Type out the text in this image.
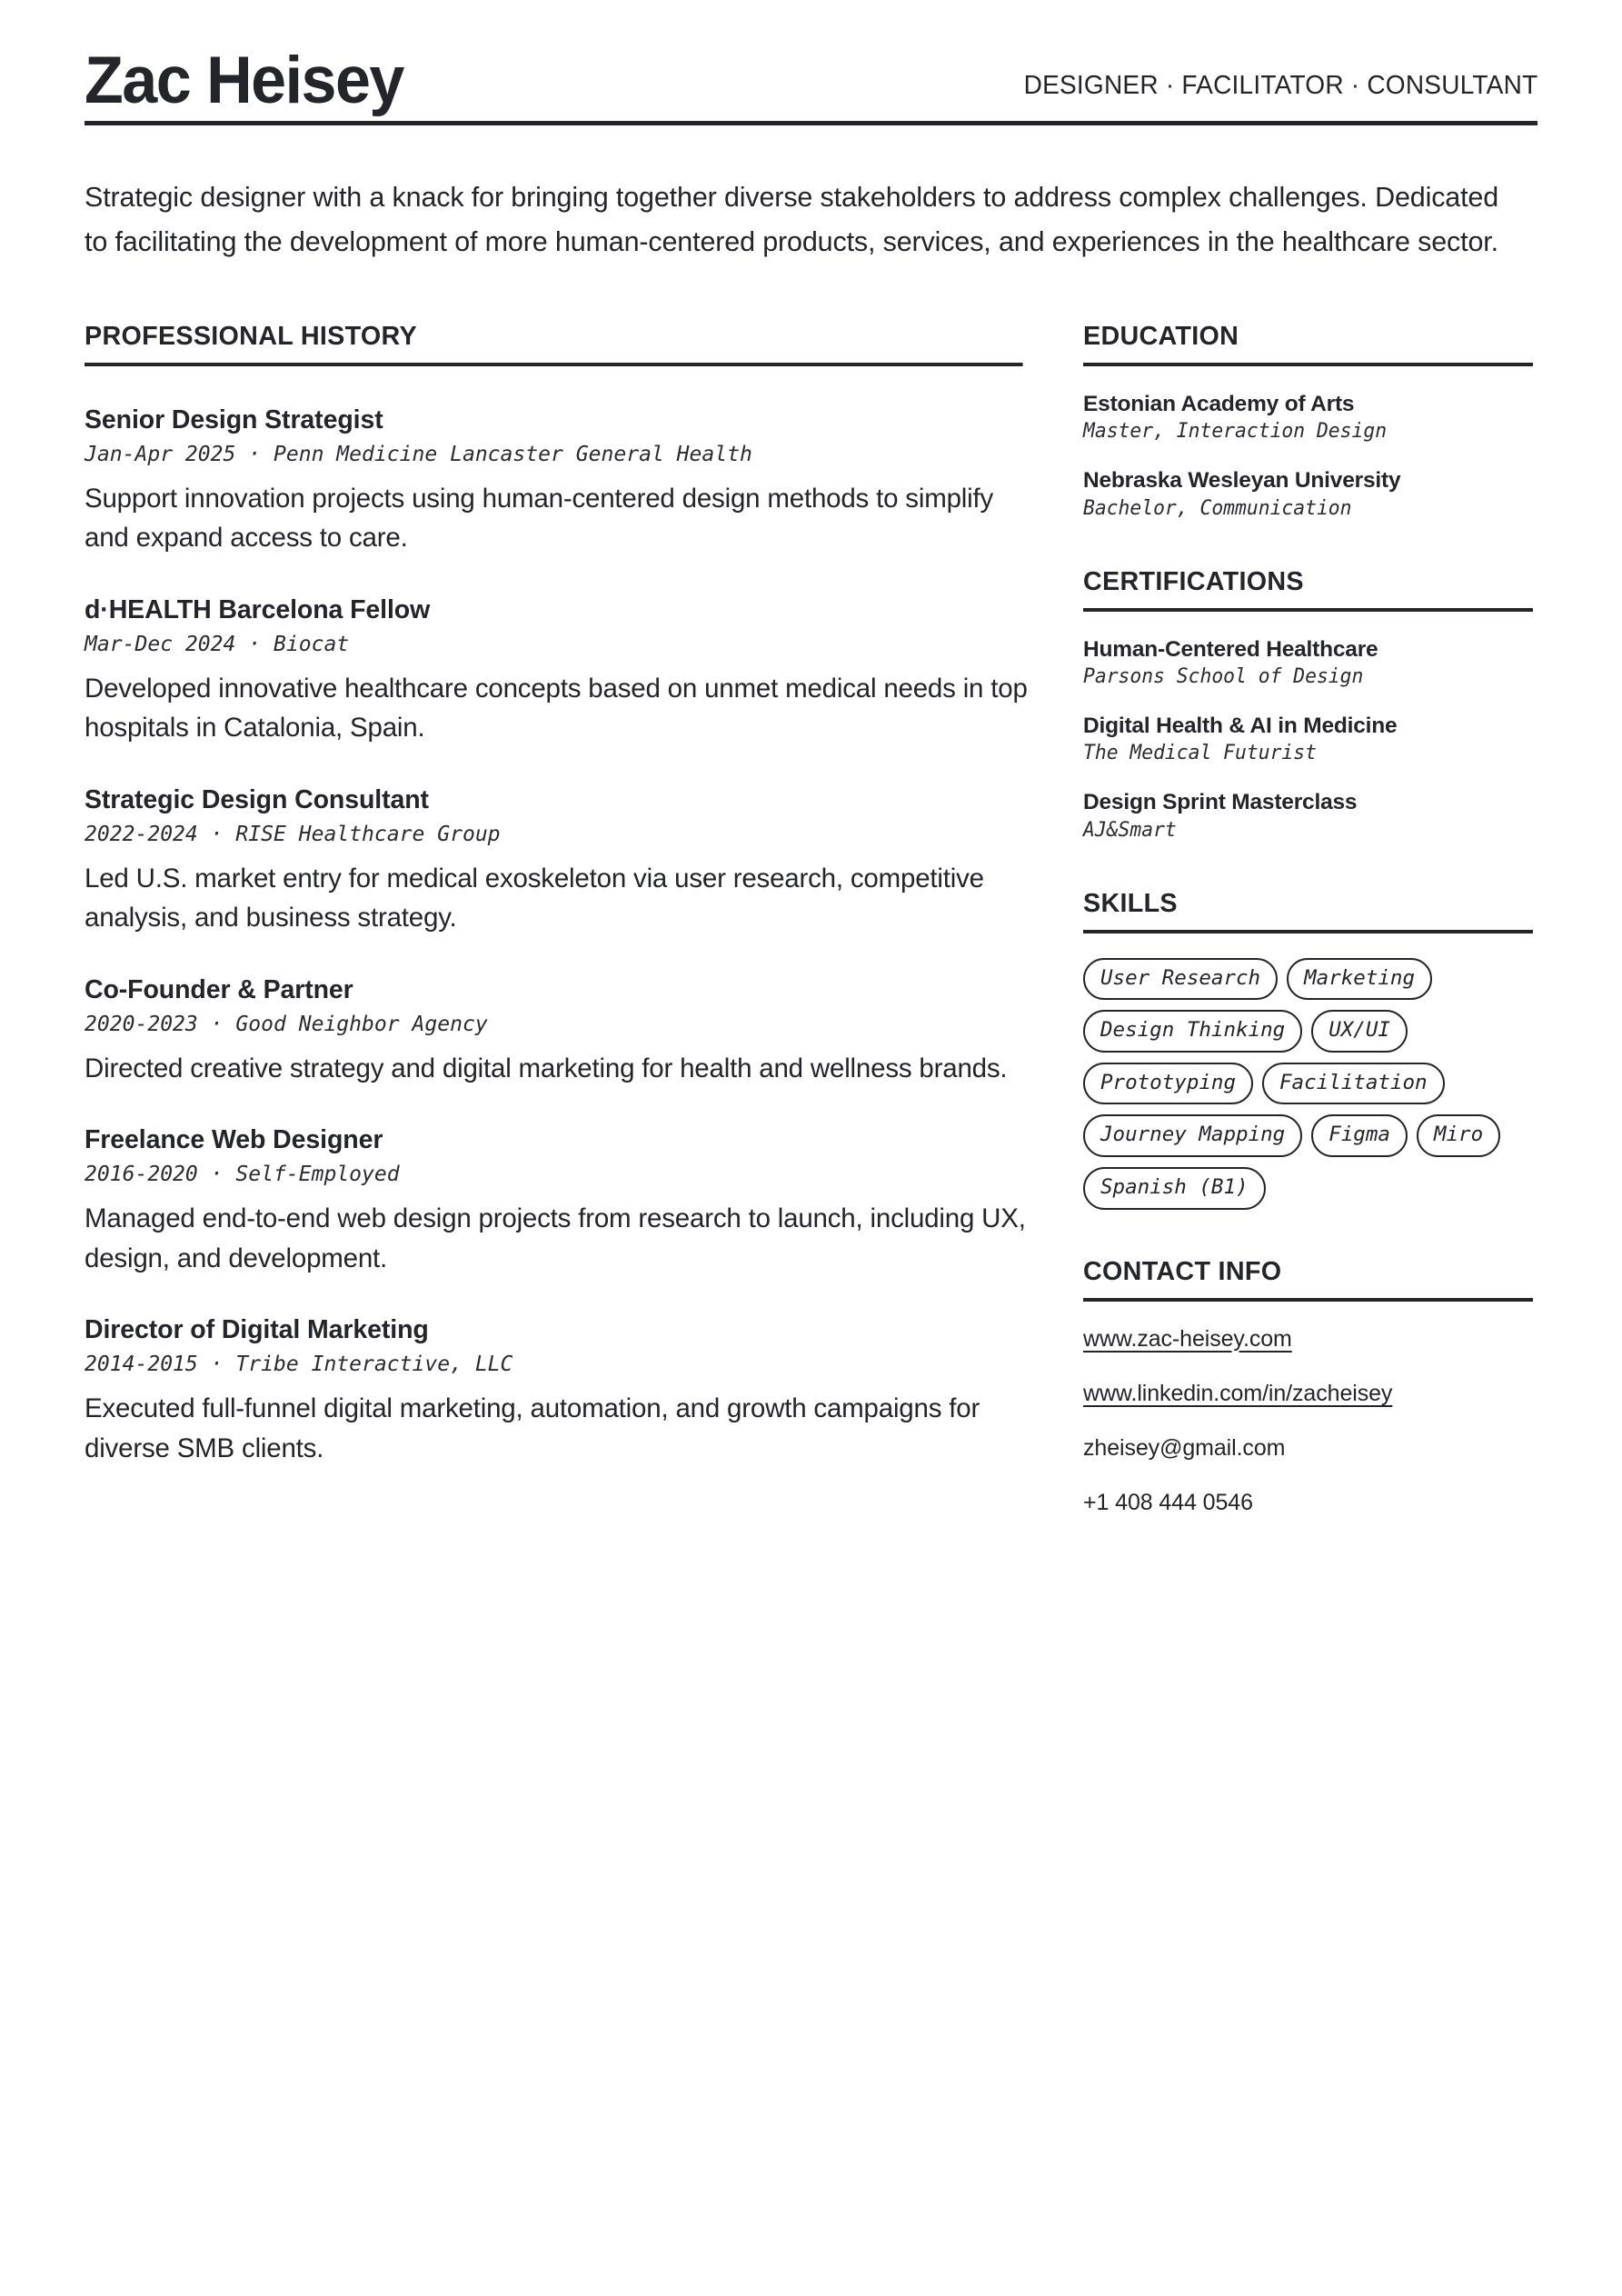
Zac Heisey	DESIGNER · FACILITATOR · CONSULTANT

Strategic designer with a knack for bringing together diverse stakeholders to address complex challenges. Dedicated to facilitating the development of more human-centered products, services, and experiences in the healthcare sector.

PROFESSIONAL HISTORY
Senior Design Strategist
Jan-Apr 2025 · Penn Medicine Lancaster General Health
Support innovation projects using human-centered design methods to simplify and expand access to care.
d·HEALTH Barcelona Fellow
Mar-Dec 2024 · Biocat
Developed innovative healthcare concepts based on unmet medical needs in top hospitals in Catalonia, Spain.
Strategic Design Consultant
2022-2024 · RISE Healthcare Group
Led U.S. market entry for medical exoskeleton via user research, competitive analysis, and business strategy.
Co-Founder & Partner
2020-2023 · Good Neighbor Agency
Directed creative strategy and digital marketing for health and wellness brands.
Freelance Web Designer
2016-2020 · Self-Employed
Managed end-to-end web design projects from research to launch, including UX, design, and development.
Director of Digital Marketing
2014-2015 · Tribe Interactive, LLC
Executed full-funnel digital marketing, automation, and growth campaigns for diverse SMB clients.
EDUCATION
Estonian Academy of Arts
Master, Interaction Design
Nebraska Wesleyan University
Bachelor, Communication
CERTIFICATIONS
Human-Centered Healthcare
Parsons School of Design
Digital Health & AI in Medicine
The Medical Futurist
Design Sprint Masterclass
AJ&Smart
SKILLS
User Research	Marketing
Design Thinking	UX/UI
Prototyping	Facilitation
Journey Mapping	Figma	Miro
Spanish (B1)
CONTACT INFO
www.zac-heisey.com
www.linkedin.com/in/zacheisey
zheisey@gmail.com
+1 408 444 0546
